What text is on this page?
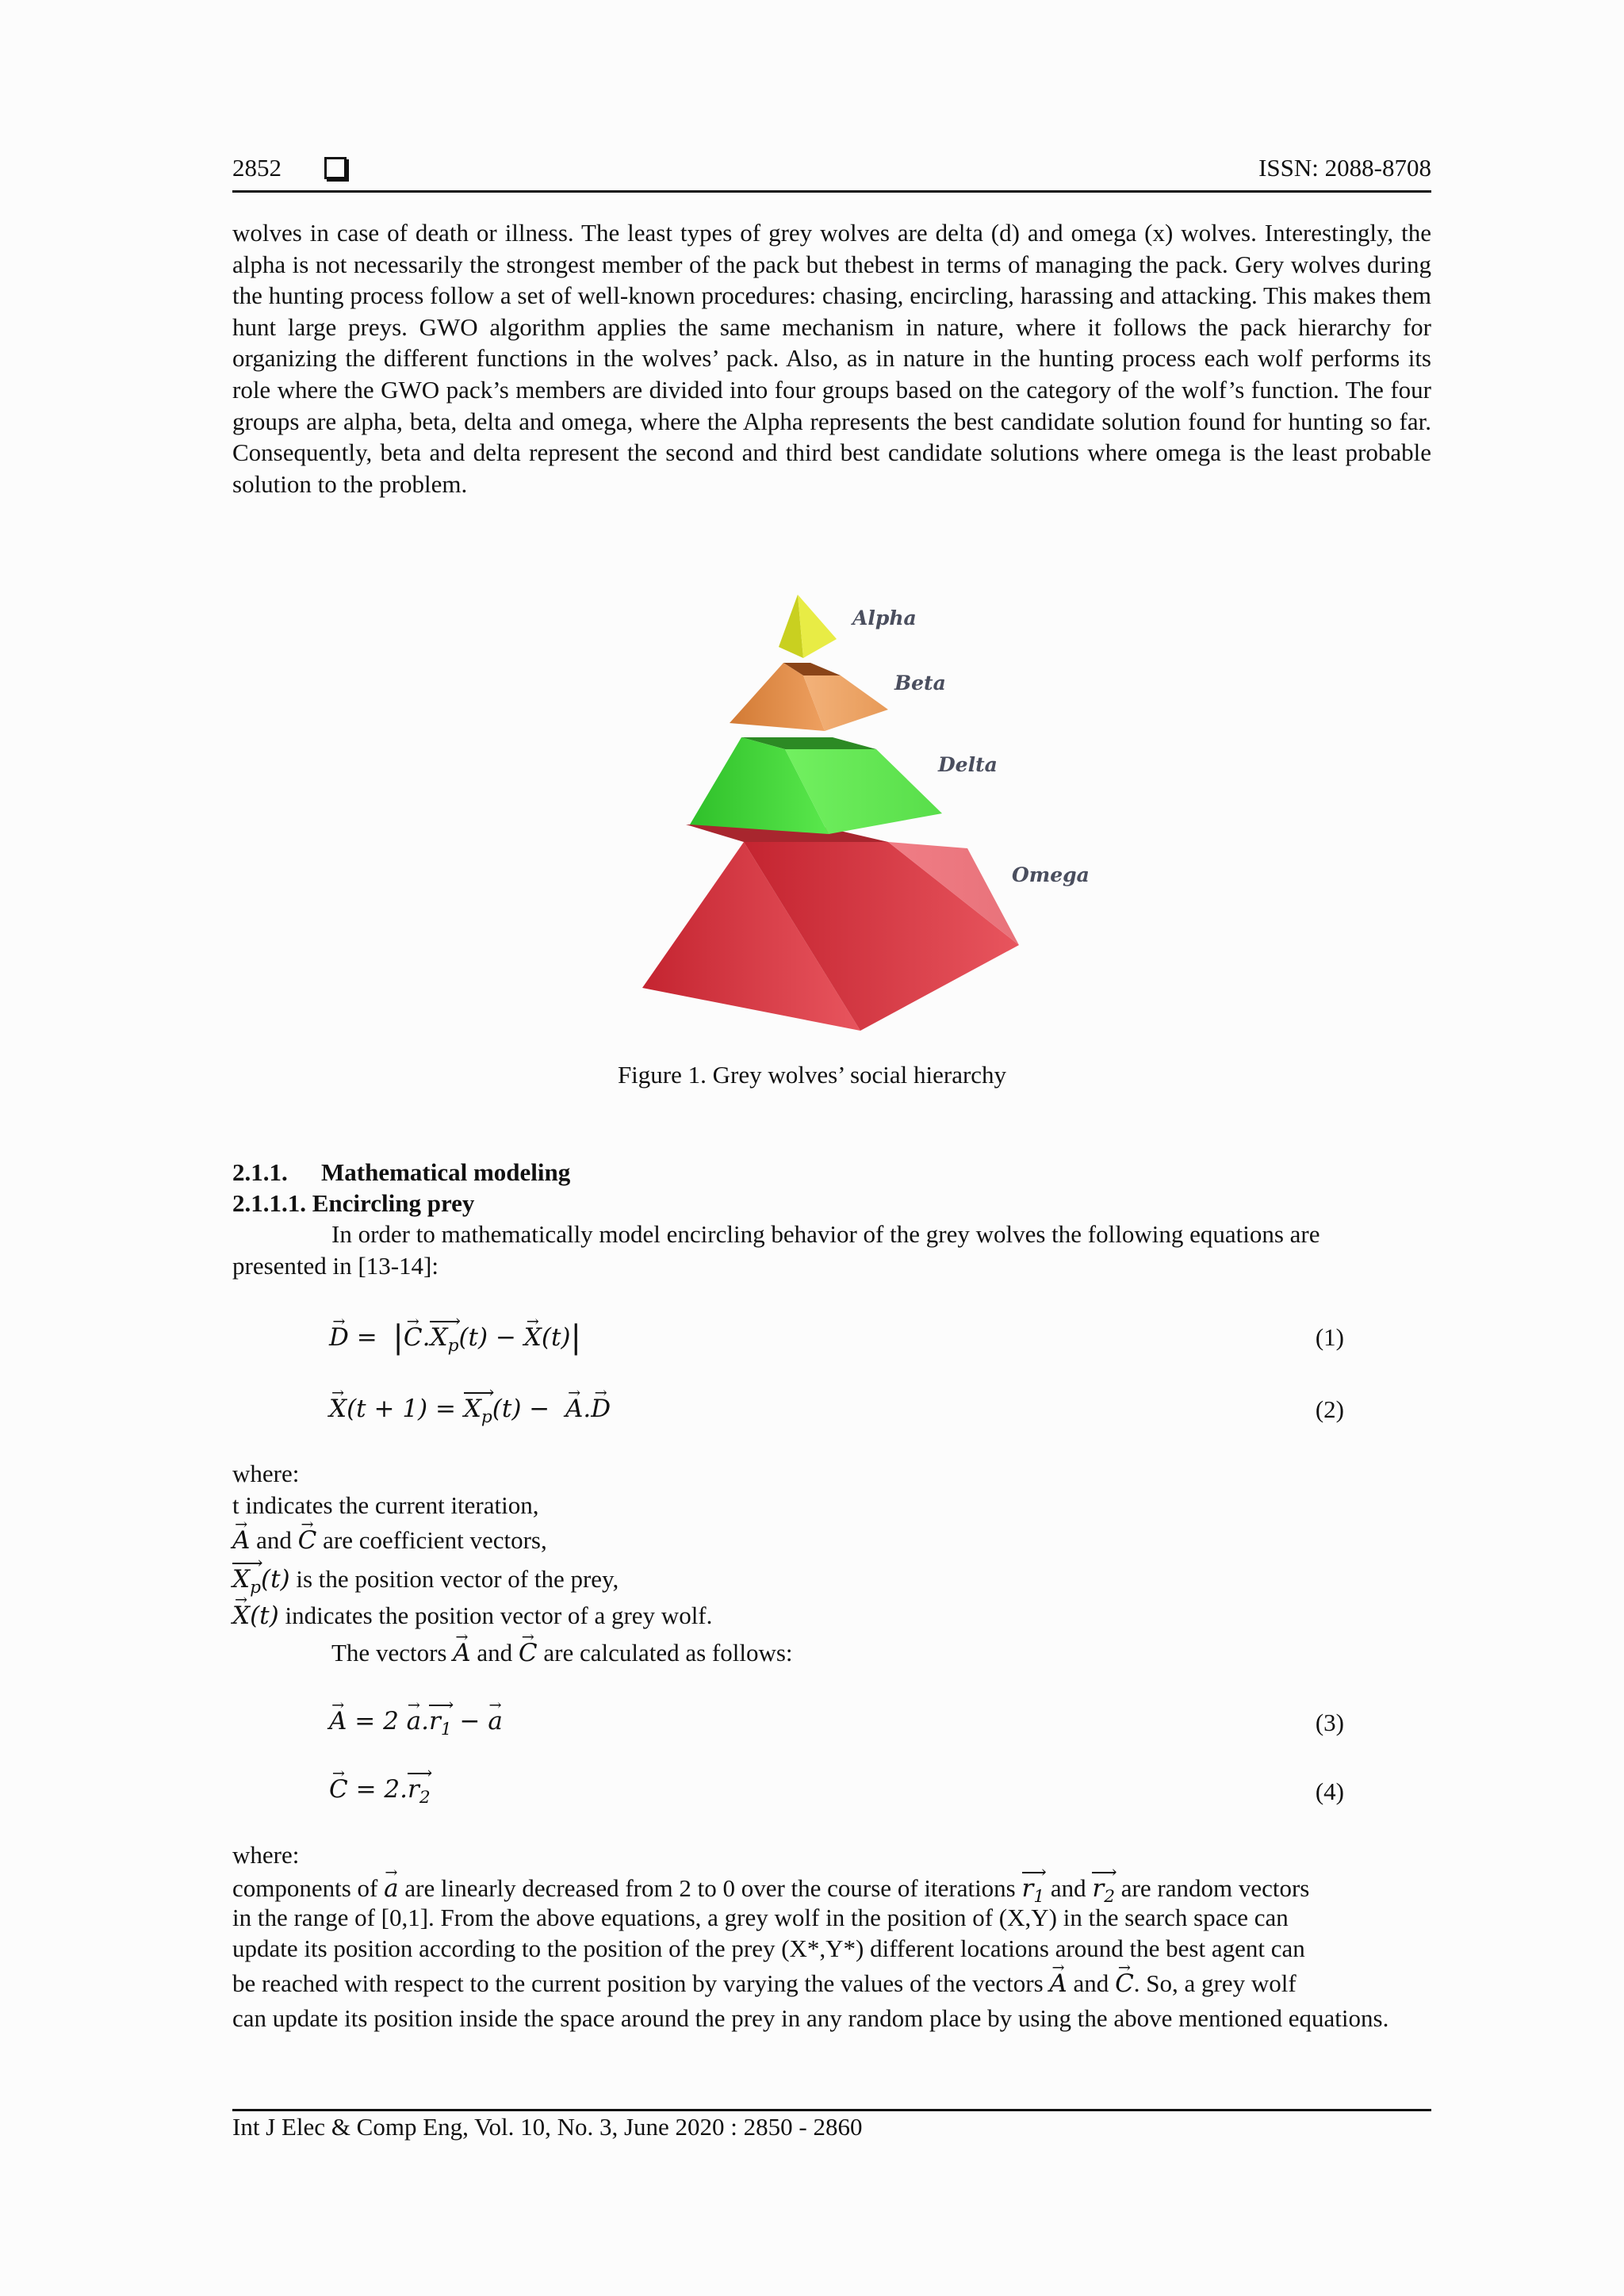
2852	ISSN: 2088-8708

wolves in case of death or illness. The least types of grey wolves are delta (d) and omega (x) wolves. Interestingly, the alpha is not necessarily the strongest member of the pack but thebest in terms of managing the pack. Gery wolves during the hunting process follow a set of well-known procedures: chasing, encircling, harassing and attacking. This makes them hunt large preys. GWO algorithm applies the same mechanism in nature, where it follows the pack hierarchy for organizing the different functions in the wolves’ pack. Also, as in nature in the hunting process each wolf performs its role where the GWO pack’s members are divided into four groups based on the category of the wolf’s function. The four groups are alpha, beta, delta and omega, where the Alpha represents the best candidate solution found for hunting so far. Consequently, beta and delta represent the second and third best candidate solutions where omega is the least probable solution to the problem.

Alpha
Beta
Delta
Omega
Figure 1. Grey wolves’ social hierarchy
2.1.1. Mathematical modeling
2.1.1.1. Encircling prey
In order to mathematically model encircling behavior of the grey wolves the following equations are
presented in [13-14]:
→ D =  |→ $C.X_p$ ›(t) − → X(t)|	(1)
→ $X(t + 1) = X_p$ ›(t) −  → A.→ D	(2)
where:
t indicates the current iteration,
→ A and → C are coefficient vectors,
$X_p$ ›(t) is the position vector of the prey,
→ X(t) indicates the position vector of a grey wolf.
The vectors → A and → C are calculated as follows:
→ $A = 2 \to a.r_1$ › − → a	(3)
→ $C = 2.r_2$ ›	(4)
where:
components of → a are linearly decreased from 2 to 0 over the course of iterations $r_1$ › and $r_2$ › are random vectors
in the range of [0,1]. From the above equations, a grey wolf in the position of (X,Y) in the search space can
update its position according to the position of the prey (X*,Y*) different locations around the best agent can
be reached with respect to the current position by varying the values of the vectors → A and → C. So, a grey wolf

can update its position inside the space around the prey in any random place by using the above mentioned equations.

Int J Elec & Comp Eng, Vol. 10, No. 3, June 2020 : 2850 - 2860
